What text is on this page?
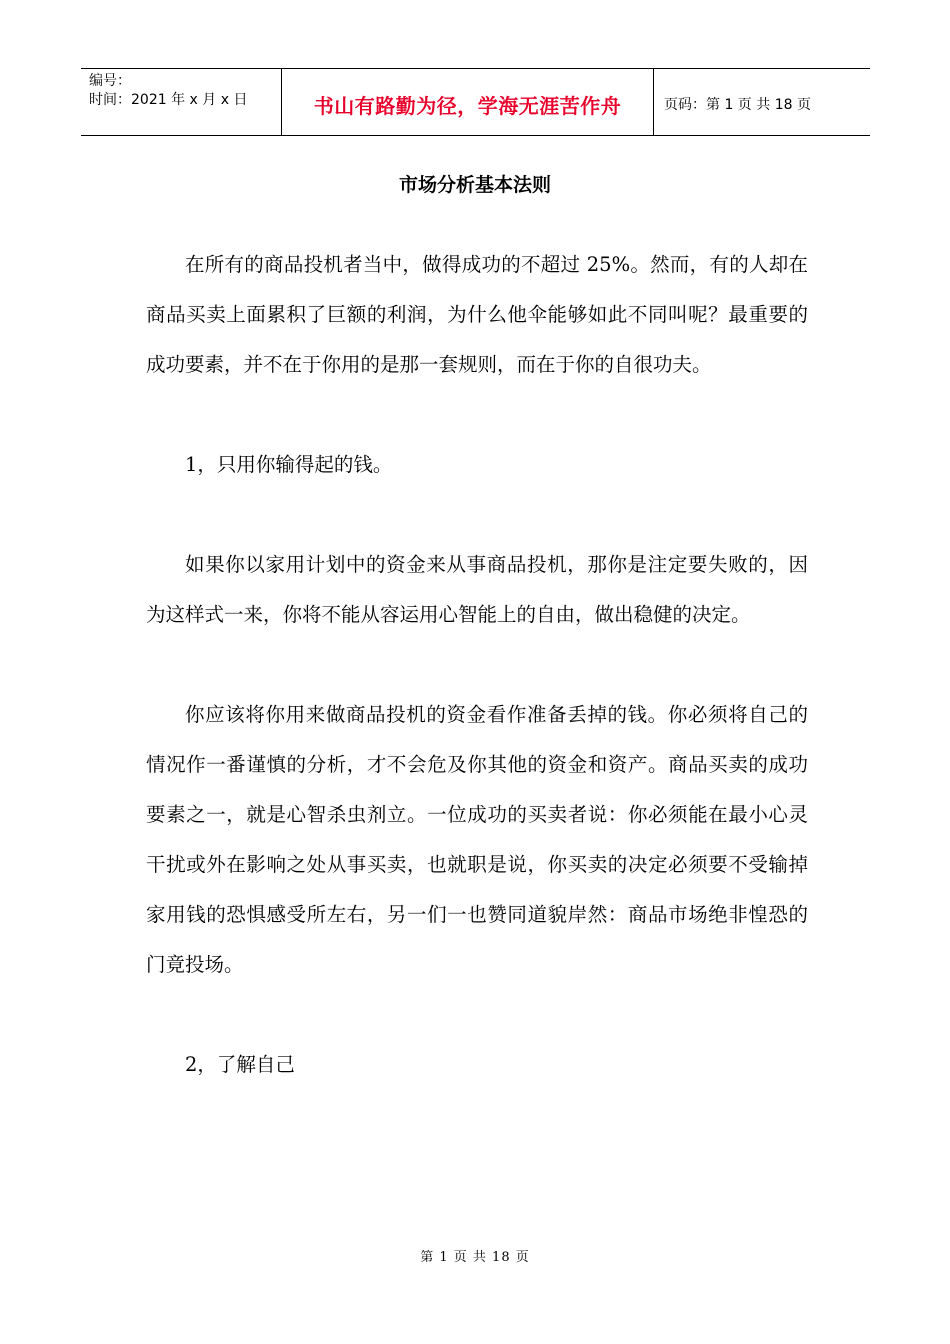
编号：
时间：2021 年 x 月 x 日	书山有路勤为径，学海无涯苦作舟	页码：第 1 页 共 18 页
市场分析基本法则

在所有的商品投机者当中，做得成功的不超过 25%。然而，有的人却在商品买卖上面累积了巨额的利润，为什么他伞能够如此不同叫呢？最重要的成功要素，并不在于你用的是那一套规则，而在于你的自很功夫。

1，只用你输得起的钱。

如果你以家用计划中的资金来从事商品投机，那你是注定要失败的，因为这样式一来，你将不能从容运用心智能上的自由，做出稳健的决定。

你应该将你用来做商品投机的资金看作准备丢掉的钱。你必须将自己的情况作一番谨慎的分析，才不会危及你其他的资金和资产。商品买卖的成功要素之一，就是心智杀虫剂立。一位成功的买卖者说：你必须能在最小心灵干扰或外在影响之处从事买卖，也就职是说，你买卖的决定必须要不受输掉家用钱的恐惧感受所左右，另一们一也赞同道貌岸然：商品市场绝非惶恐的门竟投场。

2，了解自己

第 1 页 共 18 页
